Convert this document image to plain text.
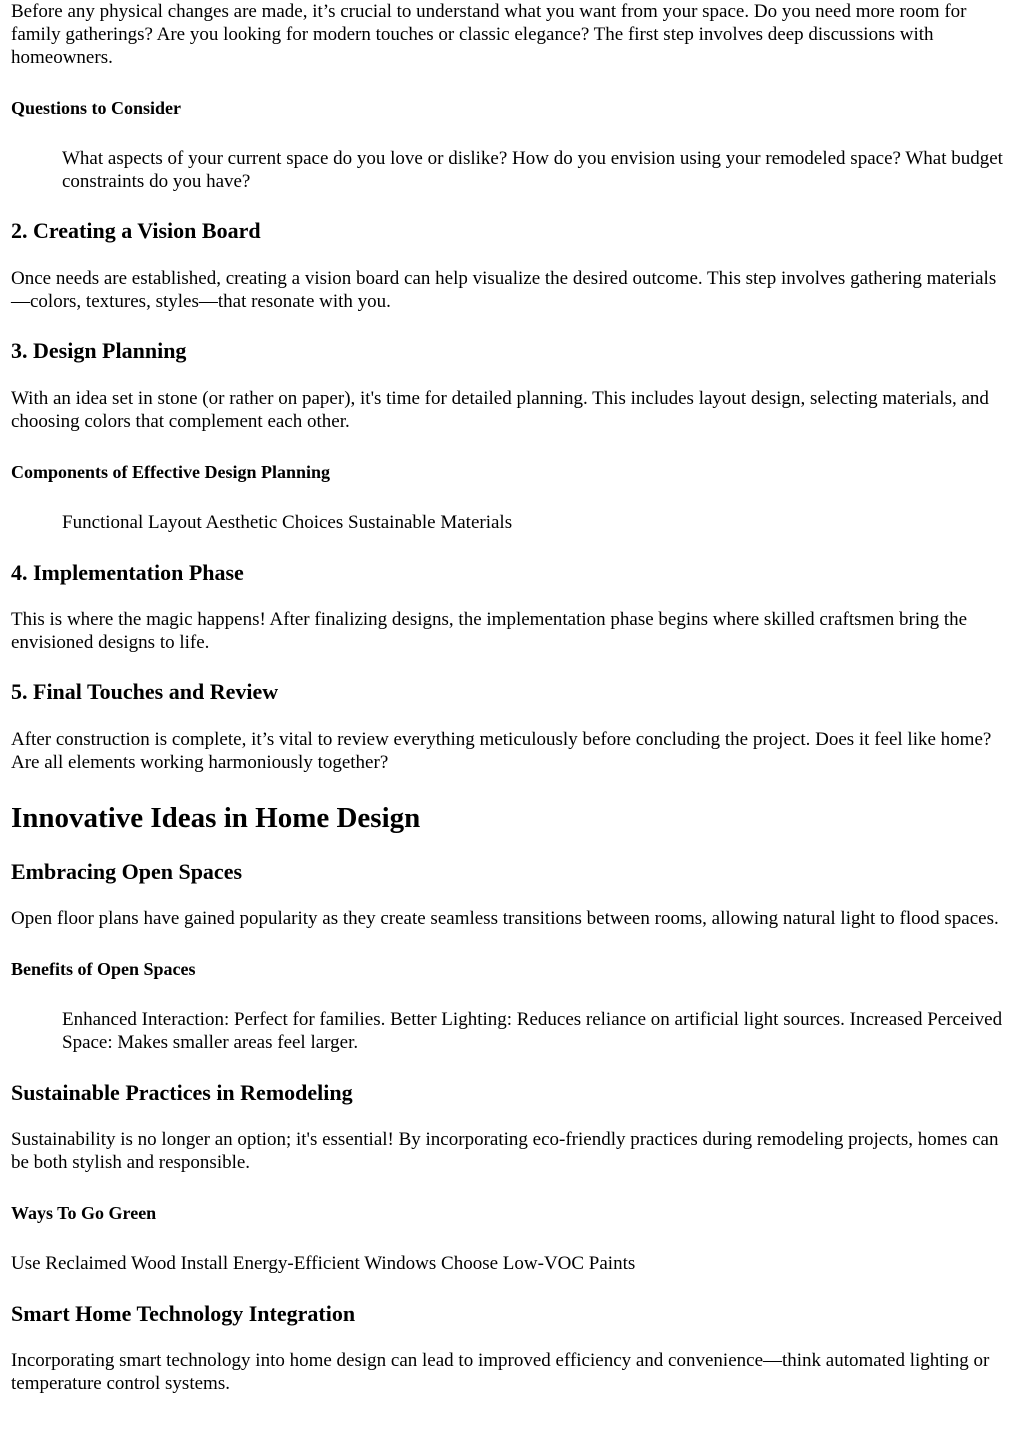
Before any physical changes are made, it’s crucial to understand what you want from your space. Do you need more room for family gatherings? Are you looking for modern touches or classic elegance? The first step involves deep discussions with homeowners.

Questions to Consider
What aspects of your current space do you love or dislike? How do you envision using your remodeled space? What budget constraints do you have?
2. Creating a Vision Board

Once needs are established, creating a vision board can help visualize the desired outcome. This step involves gathering materials—colors, textures, styles—that resonate with you.

3. Design Planning

With an idea set in stone (or rather on paper), it's time for detailed planning. This includes layout design, selecting materials, and choosing colors that complement each other.

Components of Effective Design Planning
Functional Layout Aesthetic Choices Sustainable Materials
4. Implementation Phase

This is where the magic happens! After finalizing designs, the implementation phase begins where skilled craftsmen bring the envisioned designs to life.

5. Final Touches and Review

After construction is complete, it’s vital to review everything meticulously before concluding the project. Does it feel like home? Are all elements working harmoniously together?

Innovative Ideas in Home Design
Embracing Open Spaces

Open floor plans have gained popularity as they create seamless transitions between rooms, allowing natural light to flood spaces.

Benefits of Open Spaces
Enhanced Interaction: Perfect for families. Better Lighting: Reduces reliance on artificial light sources. Increased Perceived Space: Makes smaller areas feel larger.
Sustainable Practices in Remodeling

Sustainability is no longer an option; it's essential! By incorporating eco-friendly practices during remodeling projects, homes can be both stylish and responsible.

Ways To Go Green

Use Reclaimed Wood Install Energy-Efficient Windows Choose Low-VOC Paints

Smart Home Technology Integration

Incorporating smart technology into home design can lead to improved efficiency and convenience—think automated lighting or temperature control systems.
